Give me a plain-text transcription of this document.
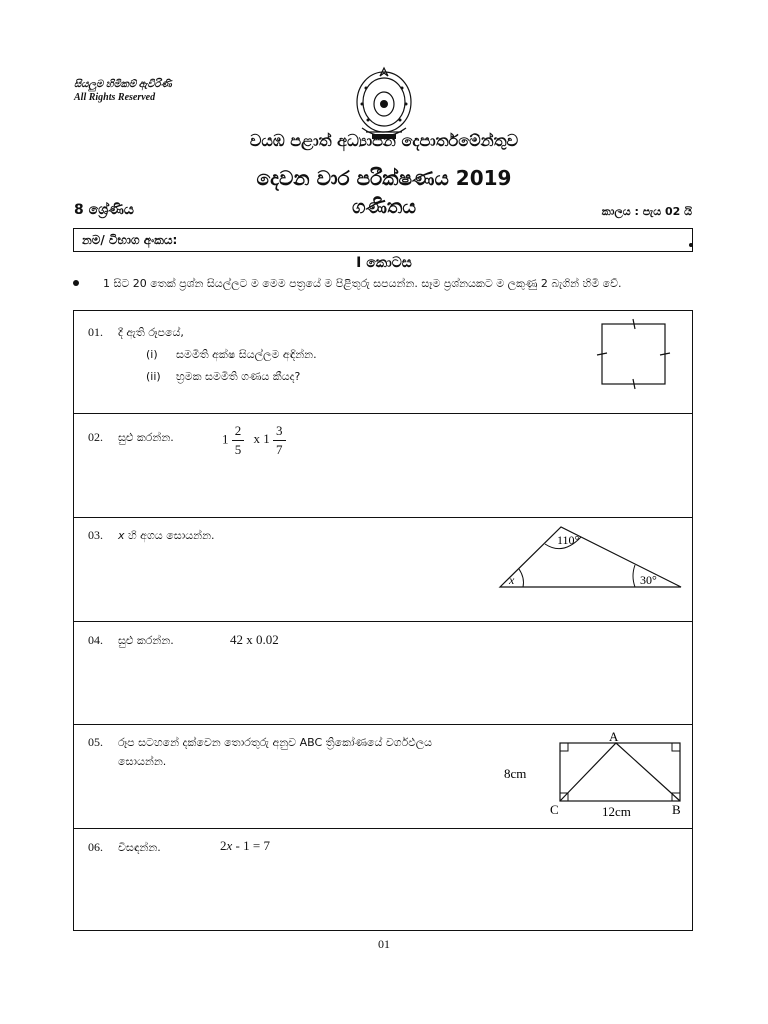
සියලුම හිමිකම් ඇවිරිණි
All Rights Reserved
වයඹ පළාත් අධ්‍යාපන දෙපාර්තමේන්තුව
දෙවන වාර පරීක්ෂණය 2019
8 ශ්‍රේණිය	ගණිතය	කාලය : පැය 02 යි
නම/ විභාග අංකය:
I කොටස
1 සිට 20 තෙක් ප්‍රශ්න සියල්ලට ම මෙම පත්‍රයේ ම පිළිතුරු සපයන්න. සෑම ප්‍රශ්නයකට ම ලකුණු 2 බැගින් හිමි වේ.
01. දී ඇති රූපයේ,
(i) සමමිති අක්ෂ සියල්ලම අඳින්න.
(ii) භ්‍රමක සමමිති ගණය කීයද?
02. සුළු කරන්න.	$1 \frac{2}{5}$ x $1 \frac{3}{7}$
03. x හි අගය සොයන්න.	110°
x	30°
04. සුළු කරන්න.	42 x 0.02
05. රූප සටහනේ දක්වෙන තොරතුරු අනුව ABC ත්‍රිකෝණයේ වර්ගඵලය
සොයන්න.
A
C	B
8cm
12cm
06. විසඳන්න.	2x - 1 = 7
01
